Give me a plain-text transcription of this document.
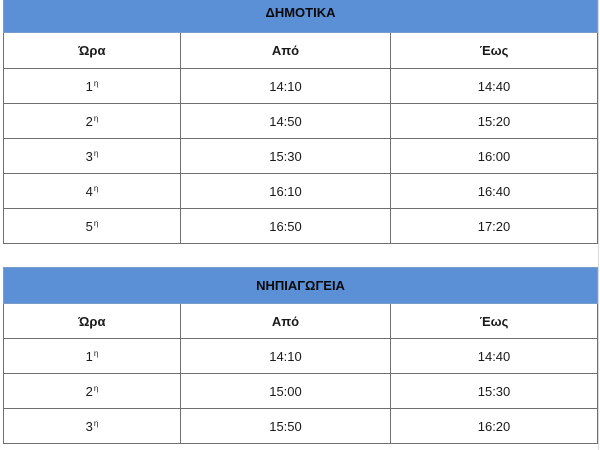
ΔΗΜΟΤΙΚΑ		
Ώρα	Από	Έως
$1^\eta$	14:10	14:40
$2^\eta$	14:50	15:20
$3^\eta$	15:30	16:00
$4^\eta$	16:10	16:40
$5^\eta$	16:50	17:20
ΝΗΠΙΑΓΩΓΕΙΑ		
Ώρα	Από	Έως
$1^\eta$	14:10	14:40
$2^\eta$	15:00	15:30
$3^\eta$	15:50	16:20
